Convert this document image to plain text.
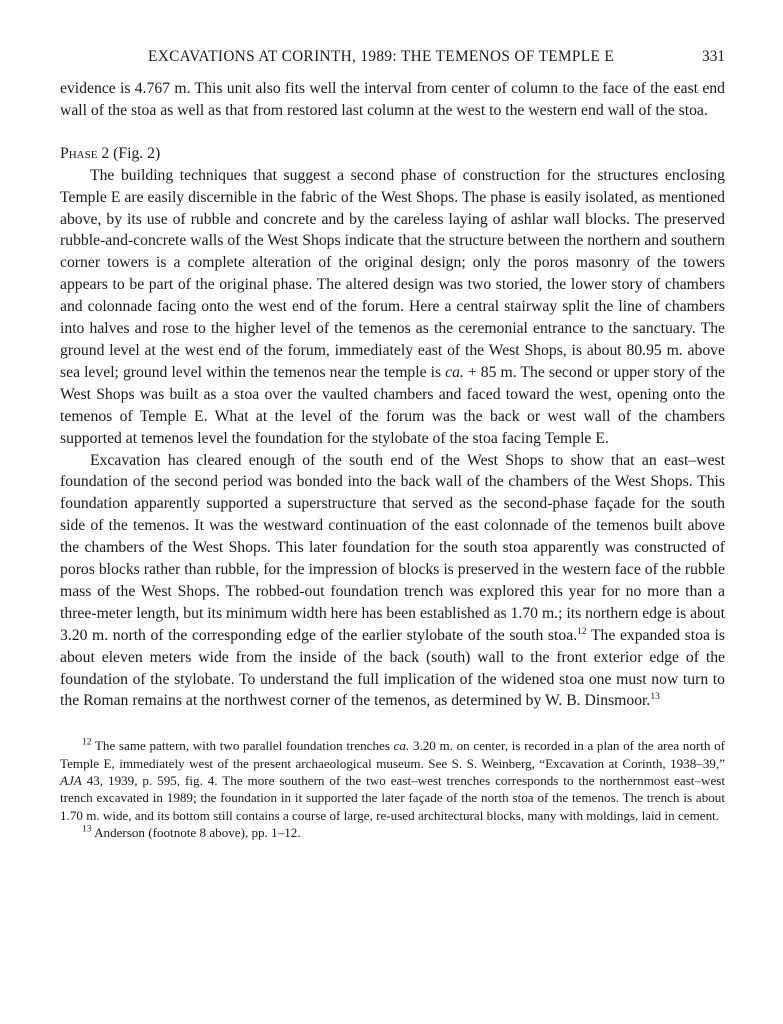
EXCAVATIONS AT CORINTH, 1989: THE TEMENOS OF TEMPLE E	331

evidence is 4.767 m. This unit also fits well the interval from center of column to the face of the east end wall of the stoa as well as that from restored last column at the west to the western end wall of the stoa.

Phase 2 (Fig. 2)

The building techniques that suggest a second phase of construction for the structures enclosing Temple E are easily discernible in the fabric of the West Shops. The phase is easily isolated, as mentioned above, by its use of rubble and concrete and by the careless laying of ashlar wall blocks. The preserved rubble-and-concrete walls of the West Shops indicate that the structure between the northern and southern corner towers is a complete alteration of the original design; only the poros masonry of the towers appears to be part of the original phase. The altered design was two storied, the lower story of chambers and colonnade facing onto the west end of the forum. Here a central stairway split the line of chambers into halves and rose to the higher level of the temenos as the ceremonial entrance to the sanctuary. The ground level at the west end of the forum, immediately east of the West Shops, is about 80.95 m. above sea level; ground level within the temenos near the temple is ca. + 85 m. The second or upper story of the West Shops was built as a stoa over the vaulted chambers and faced toward the west, opening onto the temenos of Temple E. What at the level of the forum was the back or west wall of the chambers supported at temenos level the foundation for the stylobate of the stoa facing Temple E.

Excavation has cleared enough of the south end of the West Shops to show that an east–west foundation of the second period was bonded into the back wall of the chambers of the West Shops. This foundation apparently supported a superstructure that served as the second-phase façade for the south side of the temenos. It was the westward continuation of the east colonnade of the temenos built above the chambers of the West Shops. This later foundation for the south stoa apparently was constructed of poros blocks rather than rubble, for the impression of blocks is preserved in the western face of the rubble mass of the West Shops. The robbed-out foundation trench was explored this year for no more than a three-meter length, but its minimum width here has been established as 1.70 m.; its northern edge is about 3.20 m. north of the corresponding edge of the earlier stylobate of the south stoa.$^{12}$ The expanded stoa is about eleven meters wide from the inside of the back (south) wall to the front exterior edge of the foundation of the stylobate. To understand the full implication of the widened stoa one must now turn to the Roman remains at the northwest corner of the temenos, as determined by W. B. Dinsmoor.$^{13}$

$^{12}$ The same pattern, with two parallel foundation trenches ca. 3.20 m. on center, is recorded in a plan of the area north of Temple E, immediately west of the present archaeological museum. See S. S. Weinberg, “Excavation at Corinth, 1938–39,” AJA 43, 1939, p. 595, fig. 4. The more southern of the two east–west trenches corresponds to the northernmost east–west trench excavated in 1989; the foundation in it supported the later façade of the north stoa of the temenos. The trench is about 1.70 m. wide, and its bottom still contains a course of large, re-used architectural blocks, many with moldings, laid in cement.

$^{13}$ Anderson (footnote 8 above), pp. 1–12.
